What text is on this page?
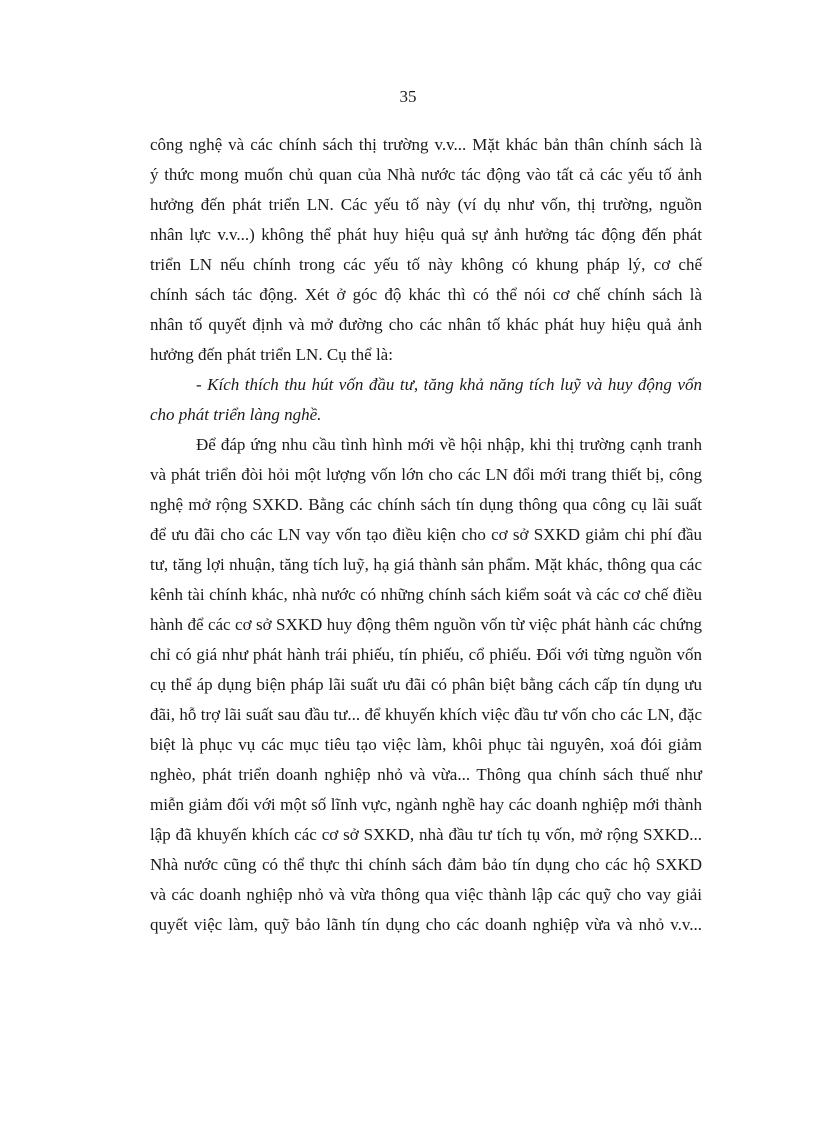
35
công nghệ và các chính sách thị trường v.v... Mặt khác bản thân chính sách là
ý thức mong muốn chủ quan của Nhà nước tác động vào tất cả các yếu tố ảnh
hưởng đến phát triển LN. Các yếu tố này (ví dụ như vốn, thị trường, nguồn
nhân lực v.v...) không thể phát huy hiệu quả sự ảnh hưởng tác động đến phát
triển LN nếu chính trong các yếu tố này không có khung pháp lý, cơ chế
chính sách tác động. Xét ở góc độ khác thì có thể nói cơ chế chính sách là
nhân tố quyết định và mở đường cho các nhân tố khác phát huy hiệu quả ảnh
hưởng đến phát triển LN. Cụ thể là:
- Kích thích thu hút vốn đầu tư, tăng khả năng tích luỹ và huy động vốn
cho phát triển làng nghề.
Để đáp ứng nhu cầu tình hình mới về hội nhập, khi thị trường cạnh tranh
và phát triển đòi hỏi một lượng vốn lớn cho các LN đổi mới trang thiết bị, công
nghệ mở rộng SXKD. Bằng các chính sách tín dụng thông qua công cụ lãi suất
để ưu đãi cho các LN vay vốn tạo điều kiện cho cơ sở SXKD giảm chi phí đầu
tư, tăng lợi nhuận, tăng tích luỹ, hạ giá thành sản phẩm. Mặt khác, thông qua các
kênh tài chính khác, nhà nước có những chính sách kiểm soát và các cơ chế điều
hành để các cơ sở SXKD huy động thêm nguồn vốn từ việc phát hành các chứng
chỉ có giá như phát hành trái phiếu, tín phiếu, cổ phiếu. Đối với từng nguồn vốn
cụ thể áp dụng biện pháp lãi suất ưu đãi có phân biệt bằng cách cấp tín dụng ưu
đãi, hỗ trợ lãi suất sau đầu tư... để khuyến khích việc đầu tư vốn cho các LN, đặc
biệt là phục vụ các mục tiêu tạo việc làm, khôi phục tài nguyên, xoá đói giảm
nghèo, phát triển doanh nghiệp nhỏ và vừa... Thông qua chính sách thuế như
miễn giảm đối với một số lĩnh vực, ngành nghề hay các doanh nghiệp mới thành
lập đã khuyến khích các cơ sở SXKD, nhà đầu tư tích tụ vốn, mở rộng SXKD...
Nhà nước cũng có thể thực thi chính sách đảm bảo tín dụng cho các hộ SXKD
và các doanh nghiệp nhỏ và vừa thông qua việc thành lập các quỹ cho vay giải
quyết việc làm, quỹ bảo lãnh tín dụng cho các doanh nghiệp vừa và nhỏ v.v...
